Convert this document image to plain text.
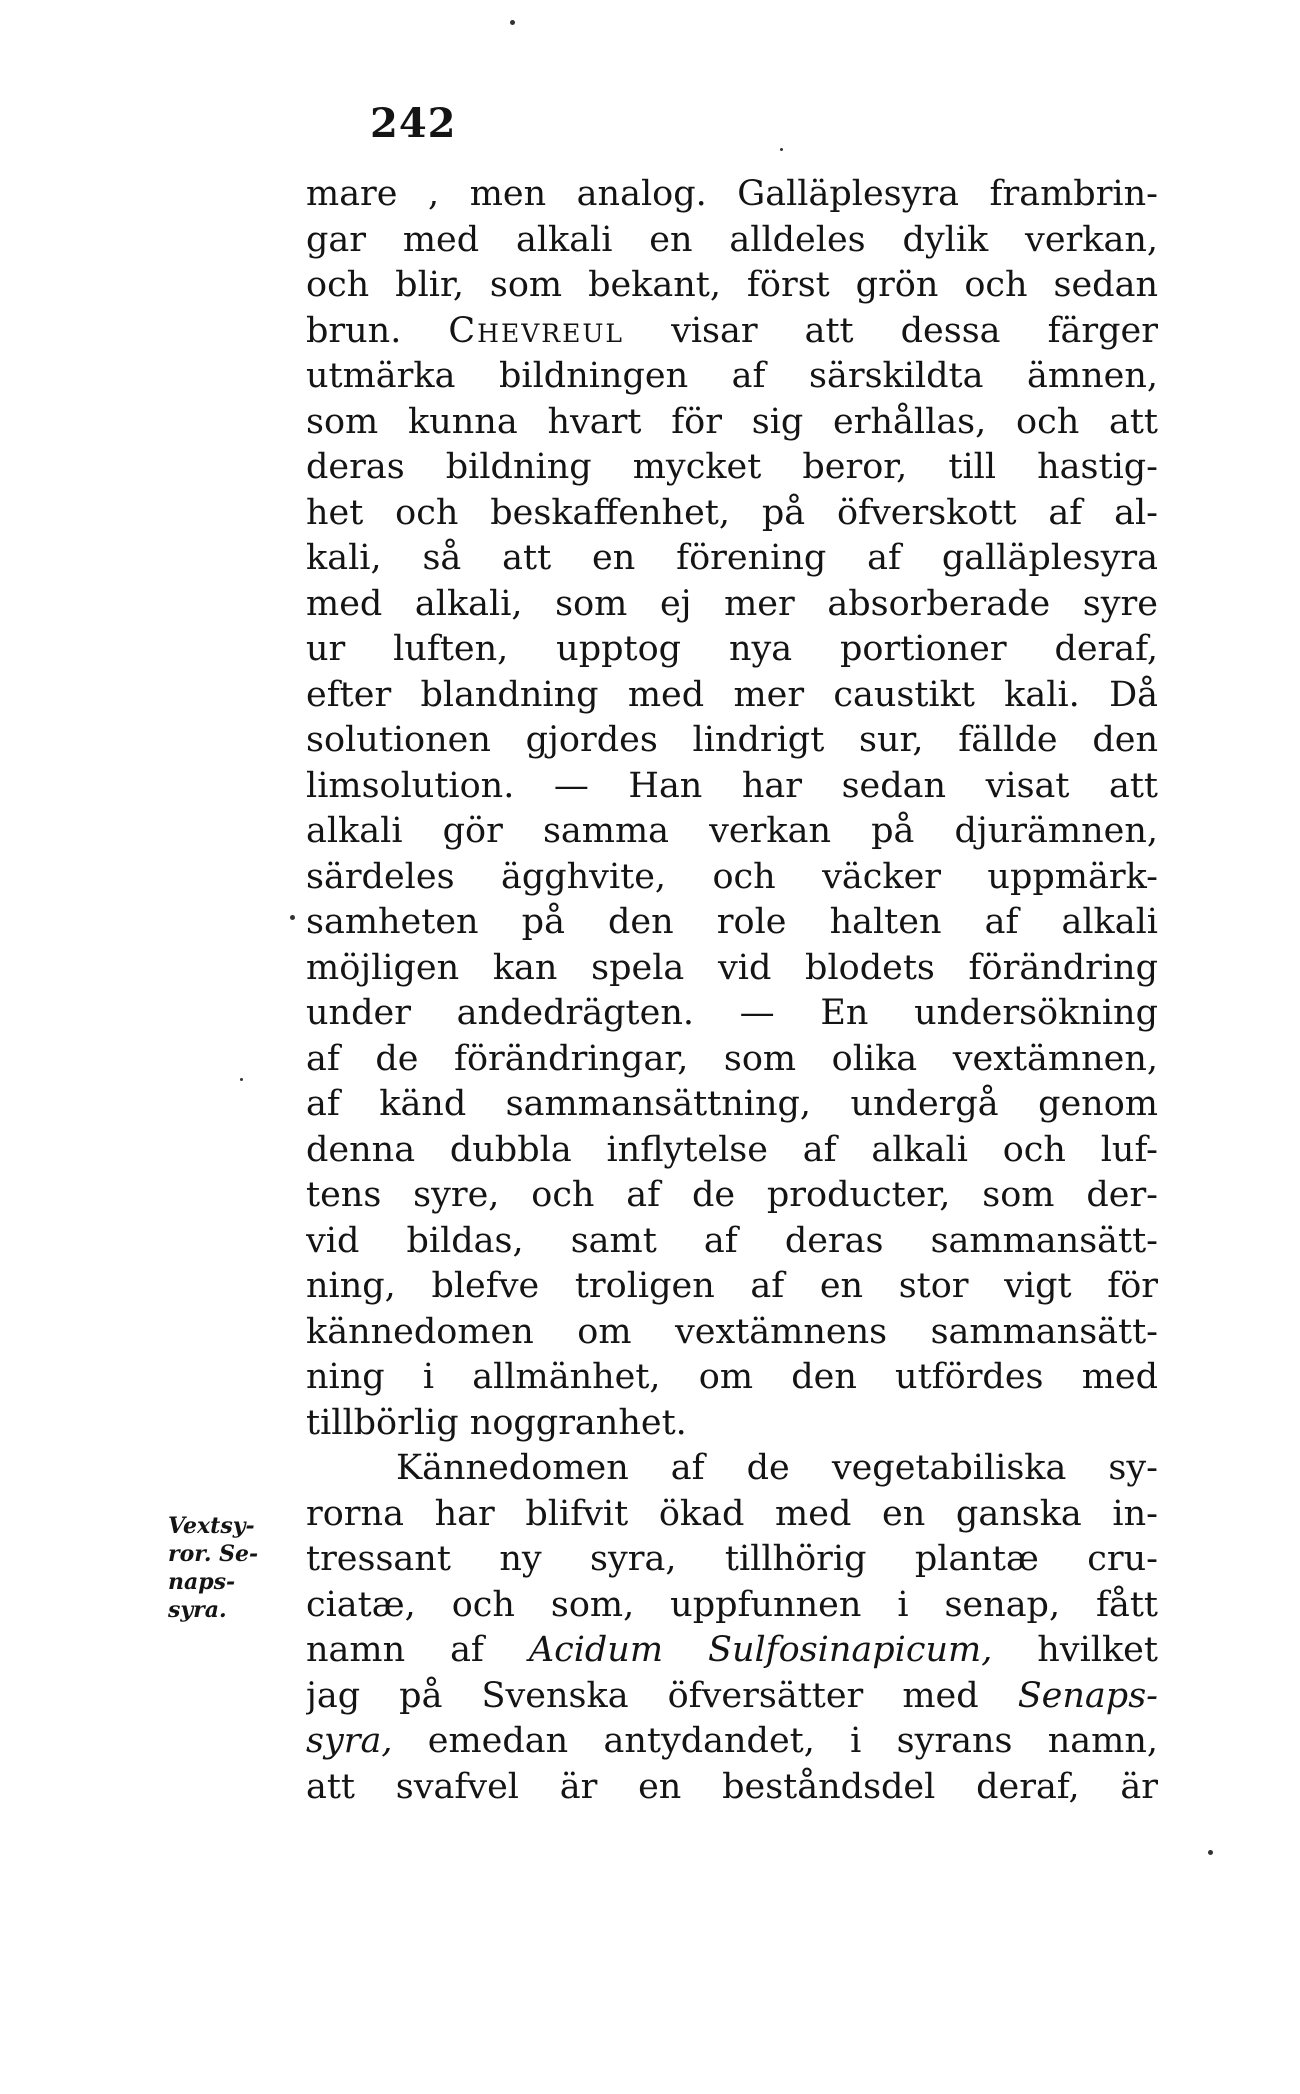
242
mare , men analog. Galläplesyra frambrin-
gar med alkali en alldeles dylik verkan,
och blir, som bekant, först grön och sedan
brun. Chevreul visar att dessa färger
utmärka bildningen af särskildta ämnen,
som kunna hvart för sig erhållas, och att
deras bildning mycket beror, till hastig-
het och beskaffenhet, på öfverskott af al-
kali, så att en förening af galläplesyra
med alkali, som ej mer absorberade syre
ur luften, upptog nya portioner deraf,
efter blandning med mer caustikt kali. Då
solutionen gjordes lindrigt sur, fällde den
limsolution. — Han har sedan visat att
alkali gör samma verkan på djurämnen,
särdeles ägghvite, och väcker uppmärk-
samheten på den role halten af alkali
möjligen kan spela vid blodets förändring
under andedrägten. — En undersökning
af de förändringar, som olika vextämnen,
af känd sammansättning, undergå genom
denna dubbla inflytelse af alkali och luf-
tens syre, och af de producter, som der-
vid bildas, samt af deras sammansätt-
ning, blefve troligen af en stor vigt för
kännedomen om vextämnens sammansätt-
ning i allmänhet, om den utfördes med
tillbörlig noggranhet.
Kännedomen af de vegetabiliska sy-
rorna har blifvit ökad med en ganska in-
tressant ny syra, tillhörig plantæ cru-
ciatæ, och som, uppfunnen i senap, fått
namn af Acidum Sulfosinapicum, hvilket
jag på Svenska öfversätter med Senaps-
syra, emedan antydandet, i syrans namn,
att svafvel är en beståndsdel deraf, är
Vextsy-
ror. Se-
naps-
syra.
